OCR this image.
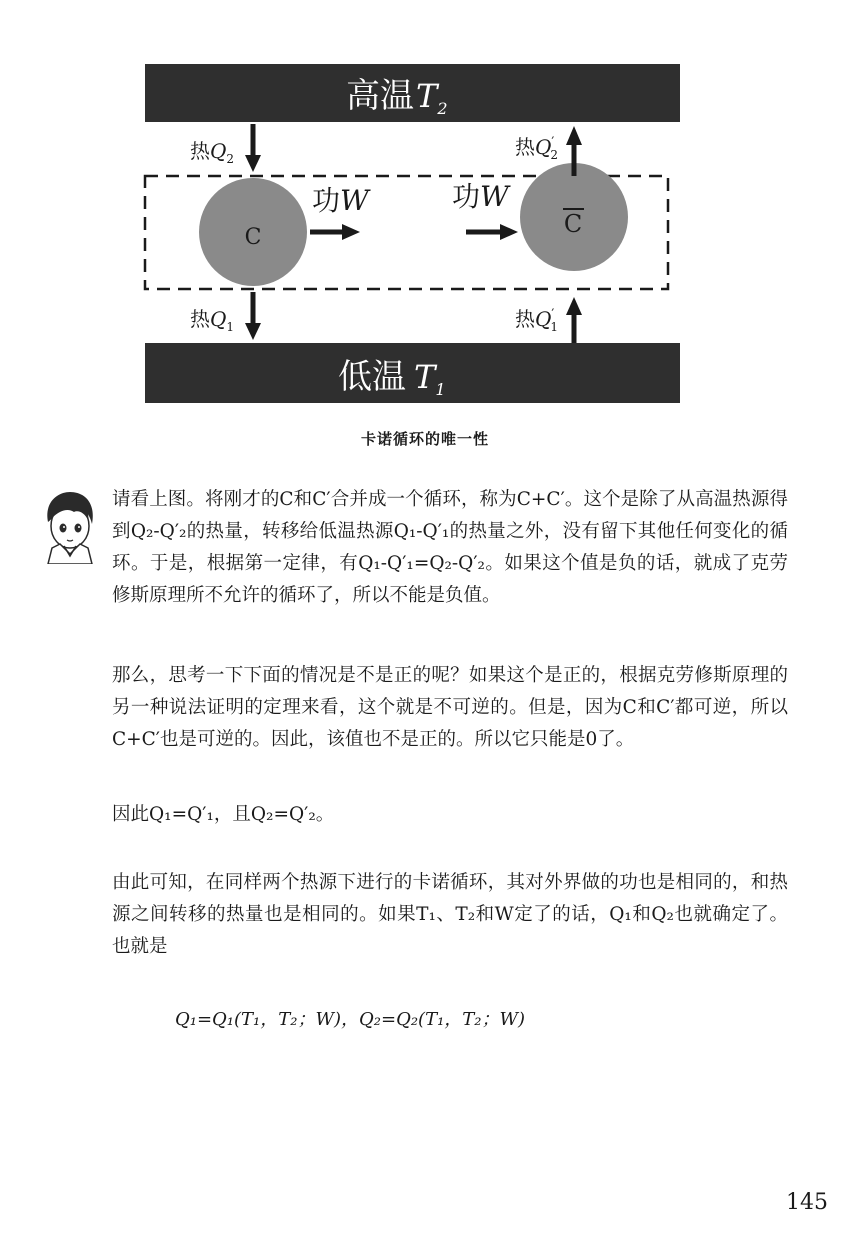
高温 $T_2$
低温 $T_1$
C	C
热$Q_2$
热$Q_1$
功W	功W
热Q′ 2
热Q′ 1
卡诺循环的唯一性

请看上图。将刚才的C和C′合并成一个循环，称为C+C′。这个是除了从高温热源得到Q₂-Q′₂的热量，转移给低温热源Q₁-Q′₁的热量之外，没有留下其他任何变化的循环。于是，根据第一定律，有Q₁-Q′₁=Q₂-Q′₂。如果这个值是负的话，就成了克劳修斯原理所不允许的循环了，所以不能是负值。

那么，思考一下下面的情况是不是正的呢？如果这个是正的，根据克劳修斯原理的另一种说法证明的定理来看，这个就是不可逆的。但是，因为C和C′都可逆，所以C+C′也是可逆的。因此，该值也不是正的。所以它只能是0了。

因此Q₁=Q′₁，且Q₂=Q′₂。

由此可知，在同样两个热源下进行的卡诺循环，其对外界做的功也是相同的，和热源之间转移的热量也是相同的。如果T₁、T₂和W定了的话，Q₁和Q₂也就确定了。也就是

Q₁=Q₁(T₁，T₂；W)，Q₂=Q₂(T₁，T₂；W)

145
